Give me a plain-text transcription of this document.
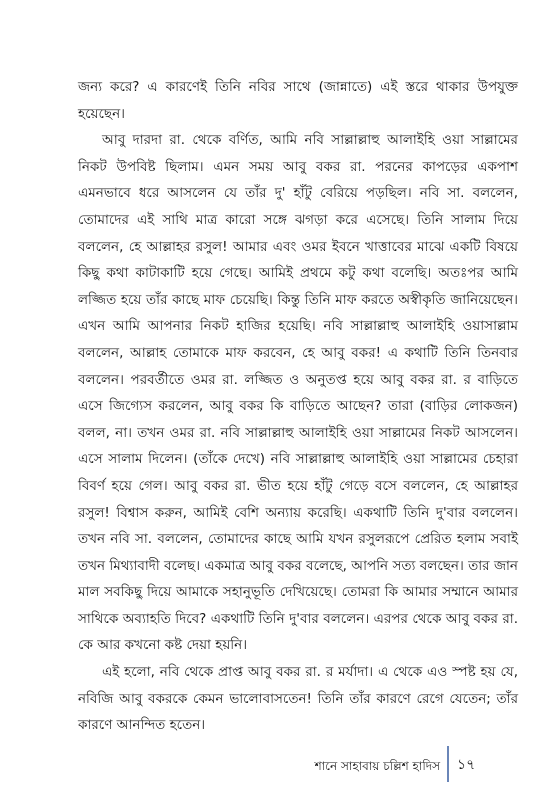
জন্য করে? এ কারণেই তিনি নবির সাথে (জান্নাতে) এই স্তরে থাকার উপযুক্ত হয়েছেন।

আবু দারদা রা. থেকে বর্ণিত, আমি নবি সাল্লাল্লাহু আলাইহি ওয়া সাল্লামের নিকট উপবিষ্ট ছিলাম। এমন সময় আবু বকর রা. পরনের কাপড়ের একপাশ এমনভাবে ধরে আসলেন যে তাঁর দু' হাঁটু বেরিয়ে পড়ছিল। নবি সা. বললেন, তোমাদের এই সাথি মাত্র কারো সঙ্গে ঝগড়া করে এসেছে। তিনি সালাম দিয়ে বললেন, হে আল্লাহর রসুল! আমার এবং ওমর ইবনে খাত্তাবের মাঝে একটি বিষয়ে কিছু কথা কাটাকাটি হয়ে গেছে। আমিই প্রথমে কটু কথা বলেছি। অতঃপর আমি লজ্জিত হয়ে তাঁর কাছে মাফ চেয়েছি। কিন্তু তিনি মাফ করতে অস্বীকৃতি জানিয়েছেন। এখন আমি আপনার নিকট হাজির হয়েছি। নবি সাল্লাল্লাহু আলাইহি ওয়াসাল্লাম বললেন, আল্লাহ তোমাকে মাফ করবেন, হে আবু বকর! এ কথাটি তিনি তিনবার বললেন। পরবর্তীতে ওমর রা. লজ্জিত ও অনুতপ্ত হয়ে আবু বকর রা. র বাড়িতে এসে জিগ্যেস করলেন, আবু বকর কি বাড়িতে আছেন? তারা (বাড়ির লোকজন) বলল, না। তখন ওমর রা. নবি সাল্লাল্লাহু আলাইহি ওয়া সাল্লামের নিকট আসলেন। এসে সালাম দিলেন। (তাঁকে দেখে) নবি সাল্লাল্লাহু আলাইহি ওয়া সাল্লামের চেহারা বিবর্ণ হয়ে গেল। আবু বকর রা. ভীত হয়ে হাঁটু গেড়ে বসে বললেন, হে আল্লাহর রসুল! বিশ্বাস করুন, আমিই বেশি অন্যায় করেছি। একথাটি তিনি দু'বার বললেন। তখন নবি সা. বললেন, তোমাদের কাছে আমি যখন রসুলরূপে প্রেরিত হলাম সবাই তখন মিথ্যাবাদী বলেছ। একমাত্র আবু বকর বলেছে, আপনি সত্য বলছেন। তার জান মাল সবকিছু দিয়ে আমাকে সহানুভূতি দেখিয়েছে। তোমরা কি আমার সম্মানে আমার সাথিকে অব্যাহতি দিবে? একথাটি তিনি দু'বার বললেন। এরপর থেকে আবু বকর রা. কে আর কখনো কষ্ট দেয়া হয়নি।

এই হলো, নবি থেকে প্রাপ্ত আবু বকর রা. র মর্যাদা। এ থেকে এও স্পষ্ট হয় যে, নবিজি আবু বকরকে কেমন ভালোবাসতেন! তিনি তাঁর কারণে রেগে যেতেন; তাঁর কারণে আনন্দিত হতেন।

শানে সাহাবায় চল্লিশ হাদিস ১৭
